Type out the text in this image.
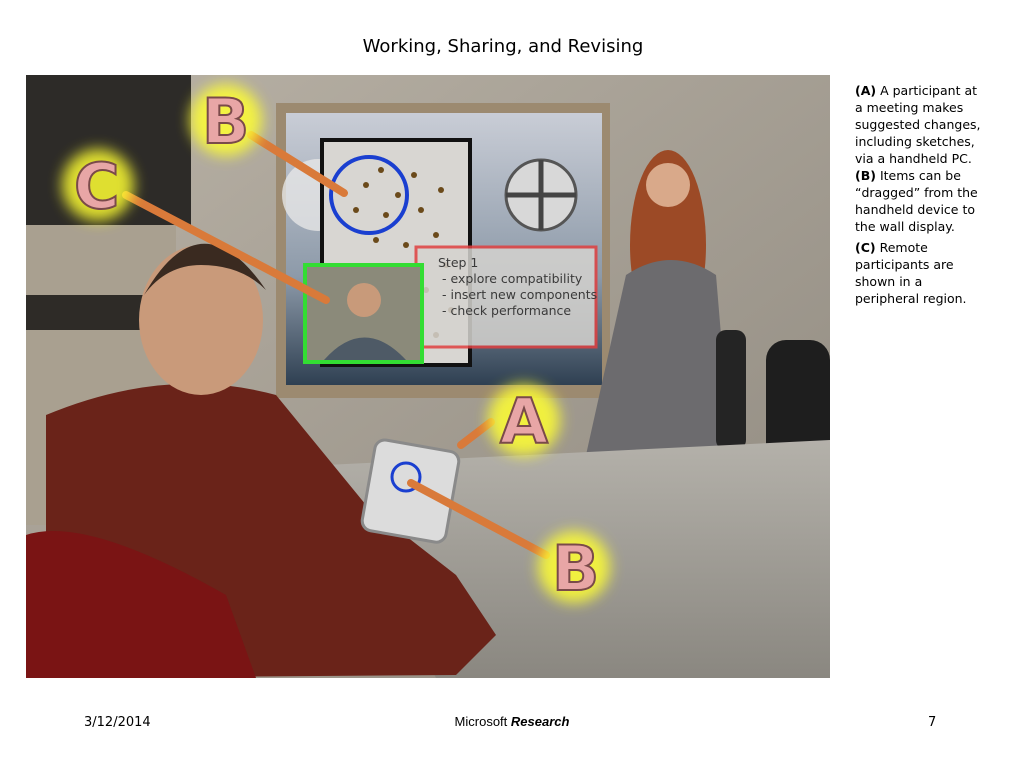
Working, Sharing, and Revising
Step 1
- explore compatibility
- insert new components
- check performance
B
C
A
B

(A) A participant at a meeting makes suggested changes, including sketches, via a handheld PC. (B) Items can be “dragged” from the handheld device to the wall display.

(C) Remote participants are shown in a peripheral region.

3/12/2014	Microsoft Research	7
